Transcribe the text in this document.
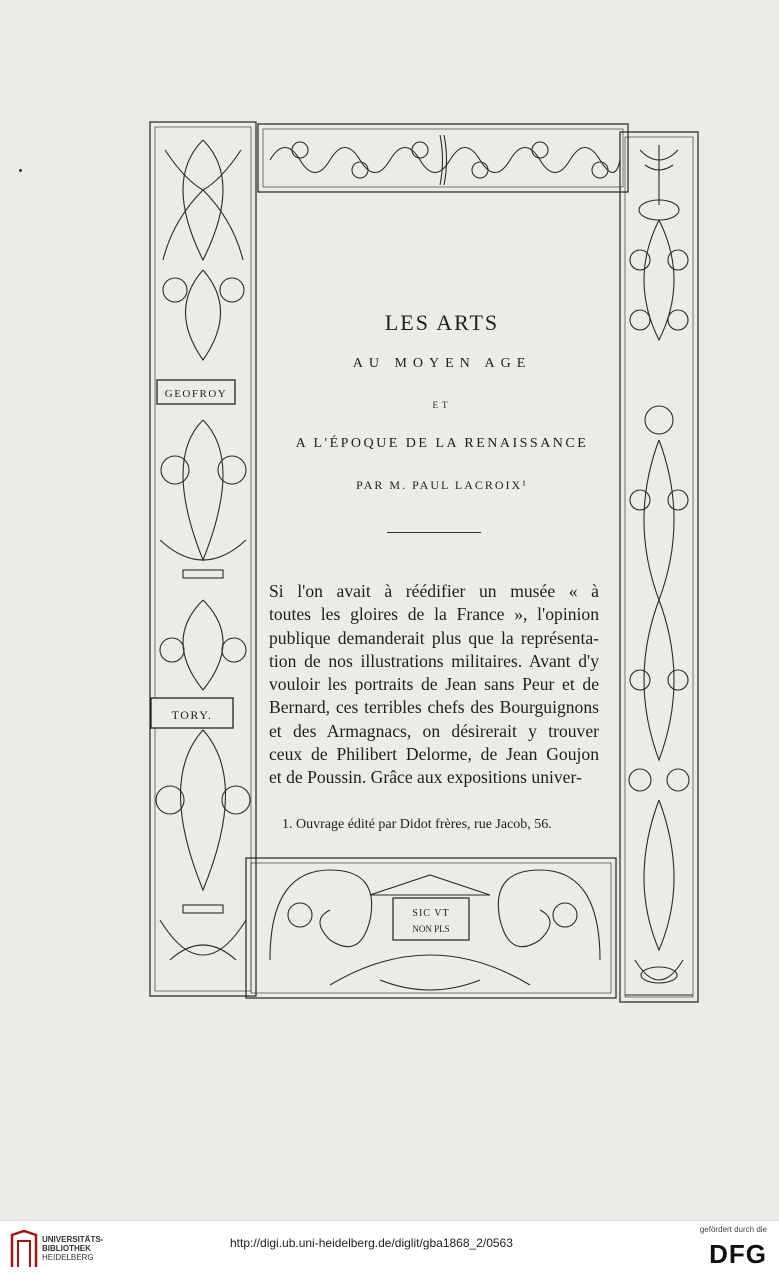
GEOFROY
TORY.
SIC VT
NON PLS
LES ARTS
AU MOYEN AGE
ET
A L'ÉPOQUE DE LA RENAISSANCE
PAR M. PAUL LACROIX¹
Si l'on avait à réédifier un musée « à
toutes les gloires de la France », l'opinion
publique demanderait plus que la représenta-
tion de nos illustrations militaires. Avant d'y
vouloir les portraits de Jean sans Peur et de
Bernard, ces terribles chefs des Bourguignons
et des Armagnacs, on désirerait y trouver
ceux de Philibert Delorme, de Jean Goujon
et de Poussin. Grâce aux expositions univer-
1. Ouvrage édité par Didot frères, rue Jacob, 56.
UNIVERSITÄTS-
BIBLIOTHEK
HEIDELBERG
http://digi.ub.uni-heidelberg.de/diglit/gba1868_2/0563
gefördert durch die
DFG
